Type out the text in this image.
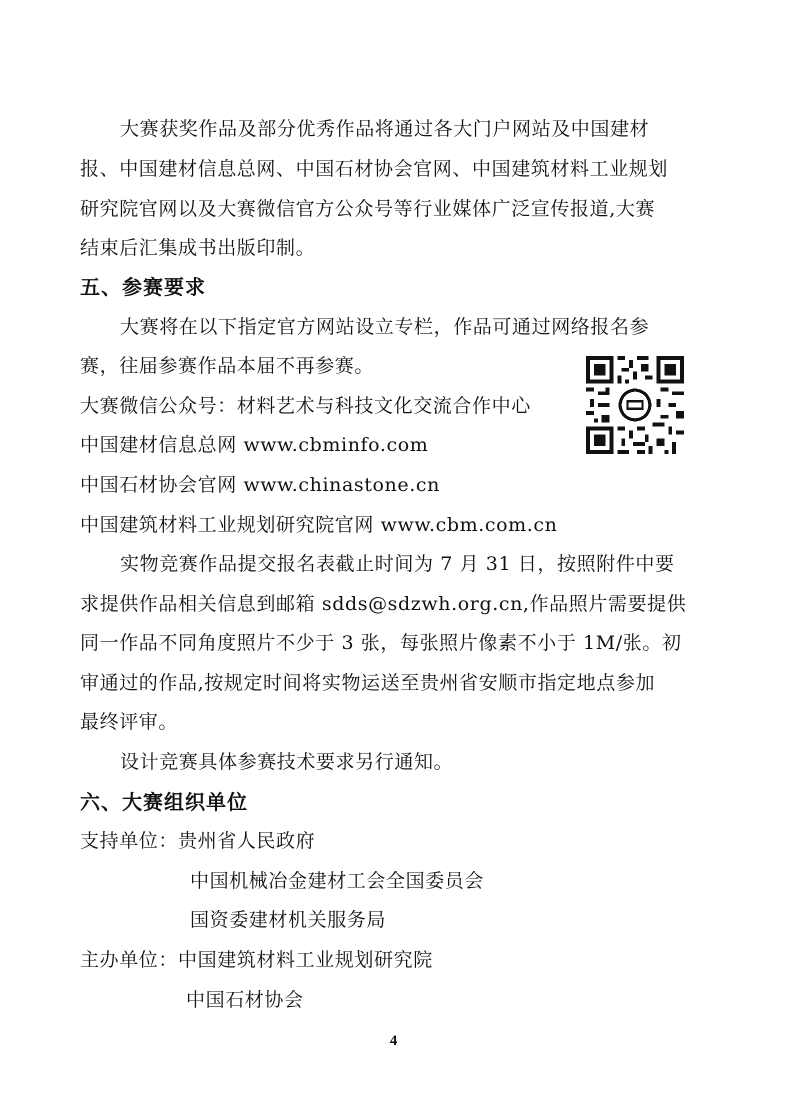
大赛获奖作品及部分优秀作品将通过各大门户网站及中国建材
报、中国建材信息总网、中国石材协会官网、中国建筑材料工业规划
研究院官网以及大赛微信官方公众号等行业媒体广泛宣传报道,大赛
结束后汇集成书出版印制。
五、参赛要求
大赛将在以下指定官方网站设立专栏，作品可通过网络报名参
赛，往届参赛作品本届不再参赛。
大赛微信公众号：材料艺术与科技文化交流合作中心
中国建材信息总网 www.cbminfo.com
中国石材协会官网 www.chinastone.cn
中国建筑材料工业规划研究院官网 www.cbm.com.cn
实物竞赛作品提交报名表截止时间为 7 月 31 日，按照附件中要
求提供作品相关信息到邮箱 sdds@sdzwh.org.cn,作品照片需要提供
同一作品不同角度照片不少于 3 张，每张照片像素不小于 1M/张。初
审通过的作品,按规定时间将实物运送至贵州省安顺市指定地点参加
最终评审。
设计竞赛具体参赛技术要求另行通知。
六、大赛组织单位
支持单位：贵州省人民政府
中国机械冶金建材工会全国委员会
国资委建材机关服务局
主办单位：中国建筑材料工业规划研究院
中国石材协会
4
